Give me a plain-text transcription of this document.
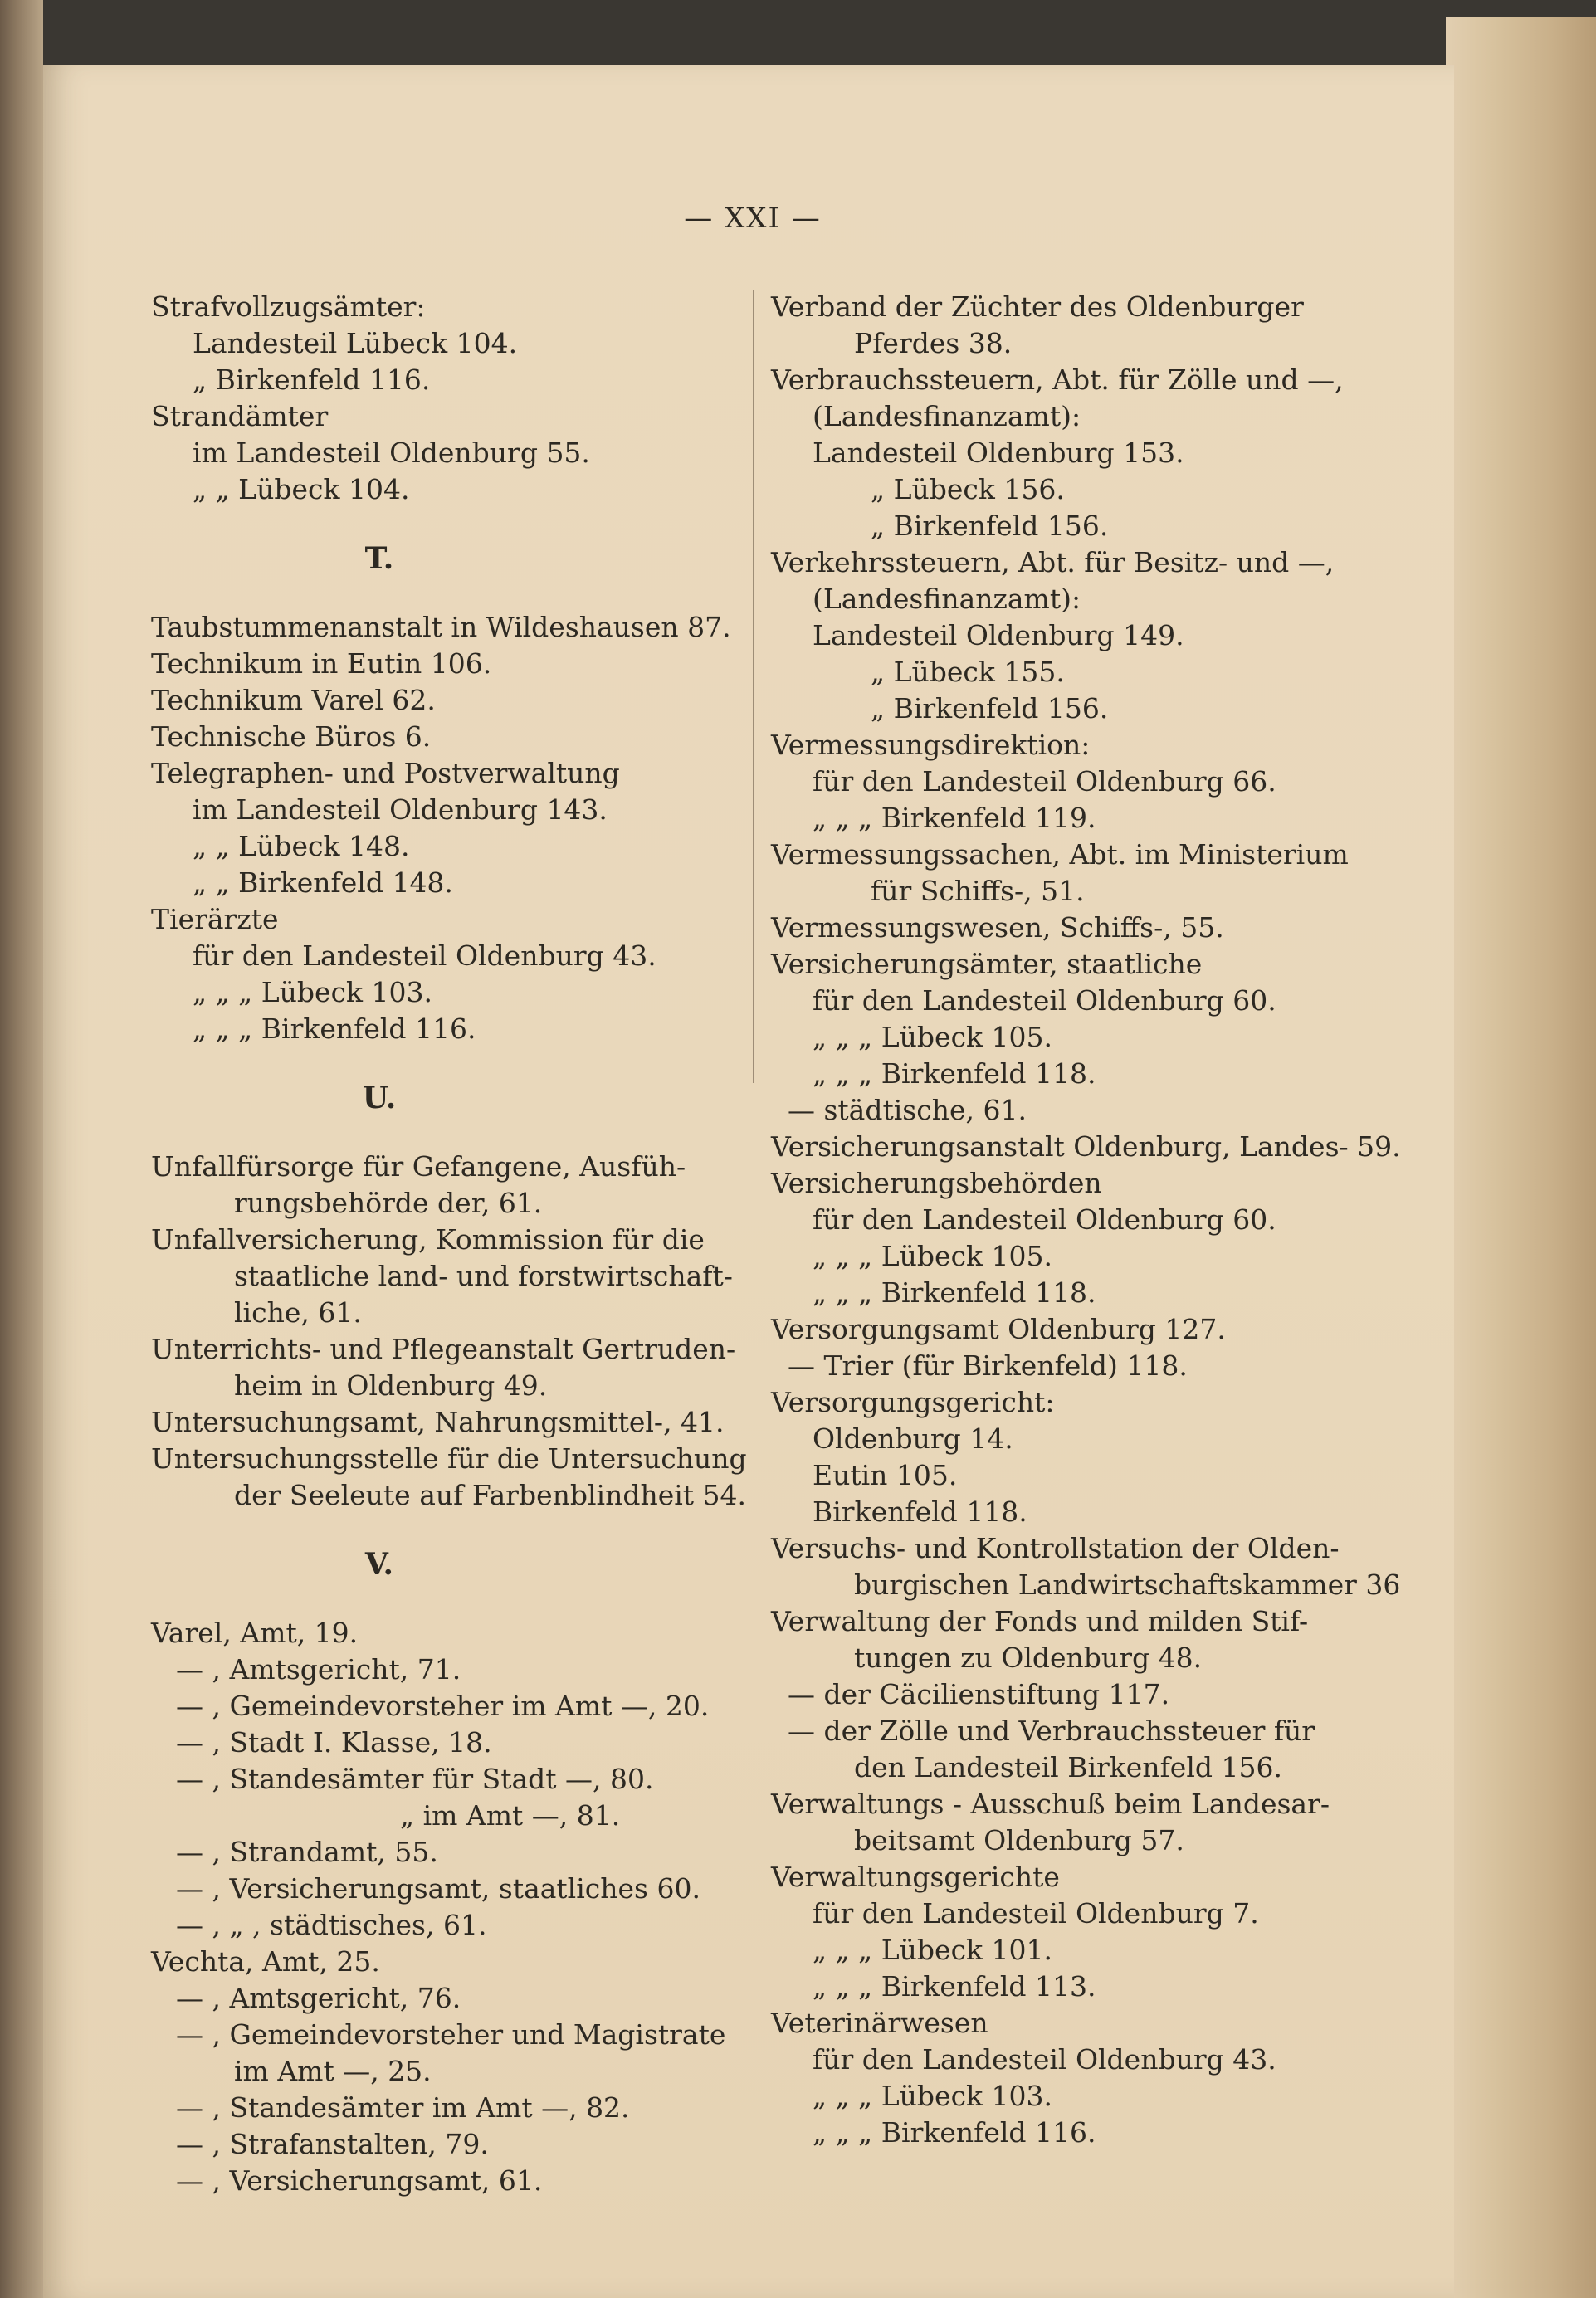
— XXI —
Strafvollzugsämter:
Landesteil Lübeck 104.
„ Birkenfeld 116.
Strandämter
im Landesteil Oldenburg 55.
„ „ Lübeck 104.
T.
Taubstummenanstalt in Wildeshausen 87.
Technikum in Eutin 106.
Technikum Varel 62.
Technische Büros 6.
Telegraphen- und Postverwaltung
im Landesteil Oldenburg 143.
„ „ Lübeck 148.
„ „ Birkenfeld 148.
Tierärzte
für den Landesteil Oldenburg 43.
„ „ „ Lübeck 103.
„ „ „ Birkenfeld 116.
U.
Unfallfürsorge für Gefangene, Ausfüh-
rungsbehörde der, 61.
Unfallversicherung, Kommission für die
staatliche land- und forstwirtschaft-
liche, 61.
Unterrichts- und Pflegeanstalt Gertruden-
heim in Oldenburg 49.
Untersuchungsamt, Nahrungsmittel-, 41.
Untersuchungsstelle für die Untersuchung
der Seeleute auf Farbenblindheit 54.
V.
Varel, Amt, 19.
— , Amtsgericht, 71.
— , Gemeindevorsteher im Amt —, 20.
— , Stadt I. Klasse, 18.
— , Standesämter für Stadt —, 80.
„ im Amt —, 81.
— , Strandamt, 55.
— , Versicherungsamt, staatliches 60.
— , „ , städtisches, 61.
Vechta, Amt, 25.
— , Amtsgericht, 76.
— , Gemeindevorsteher und Magistrate
im Amt —, 25.
— , Standesämter im Amt —, 82.
— , Strafanstalten, 79.
— , Versicherungsamt, 61.
Verband der Züchter des Oldenburger
Pferdes 38.
Verbrauchssteuern, Abt. für Zölle und —,
(Landesfinanzamt):
Landesteil Oldenburg 153.
„ Lübeck 156.
„ Birkenfeld 156.
Verkehrssteuern, Abt. für Besitz- und —,
(Landesfinanzamt):
Landesteil Oldenburg 149.
„ Lübeck 155.
„ Birkenfeld 156.
Vermessungsdirektion:
für den Landesteil Oldenburg 66.
„ „ „ Birkenfeld 119.
Vermessungssachen, Abt. im Ministerium
für Schiffs-, 51.
Vermessungswesen, Schiffs-, 55.
Versicherungsämter, staatliche
für den Landesteil Oldenburg 60.
„ „ „ Lübeck 105.
„ „ „ Birkenfeld 118.
— städtische, 61.
Versicherungsanstalt Oldenburg, Landes- 59.
Versicherungsbehörden
für den Landesteil Oldenburg 60.
„ „ „ Lübeck 105.
„ „ „ Birkenfeld 118.
Versorgungsamt Oldenburg 127.
— Trier (für Birkenfeld) 118.
Versorgungsgericht:
Oldenburg 14.
Eutin 105.
Birkenfeld 118.
Versuchs- und Kontrollstation der Olden-
burgischen Landwirtschaftskammer 36
Verwaltung der Fonds und milden Stif-
tungen zu Oldenburg 48.
— der Cäcilienstiftung 117.
— der Zölle und Verbrauchssteuer für
den Landesteil Birkenfeld 156.
Verwaltungs - Ausschuß beim Landesar-
beitsamt Oldenburg 57.
Verwaltungsgerichte
für den Landesteil Oldenburg 7.
„ „ „ Lübeck 101.
„ „ „ Birkenfeld 113.
Veterinärwesen
für den Landesteil Oldenburg 43.
„ „ „ Lübeck 103.
„ „ „ Birkenfeld 116.
